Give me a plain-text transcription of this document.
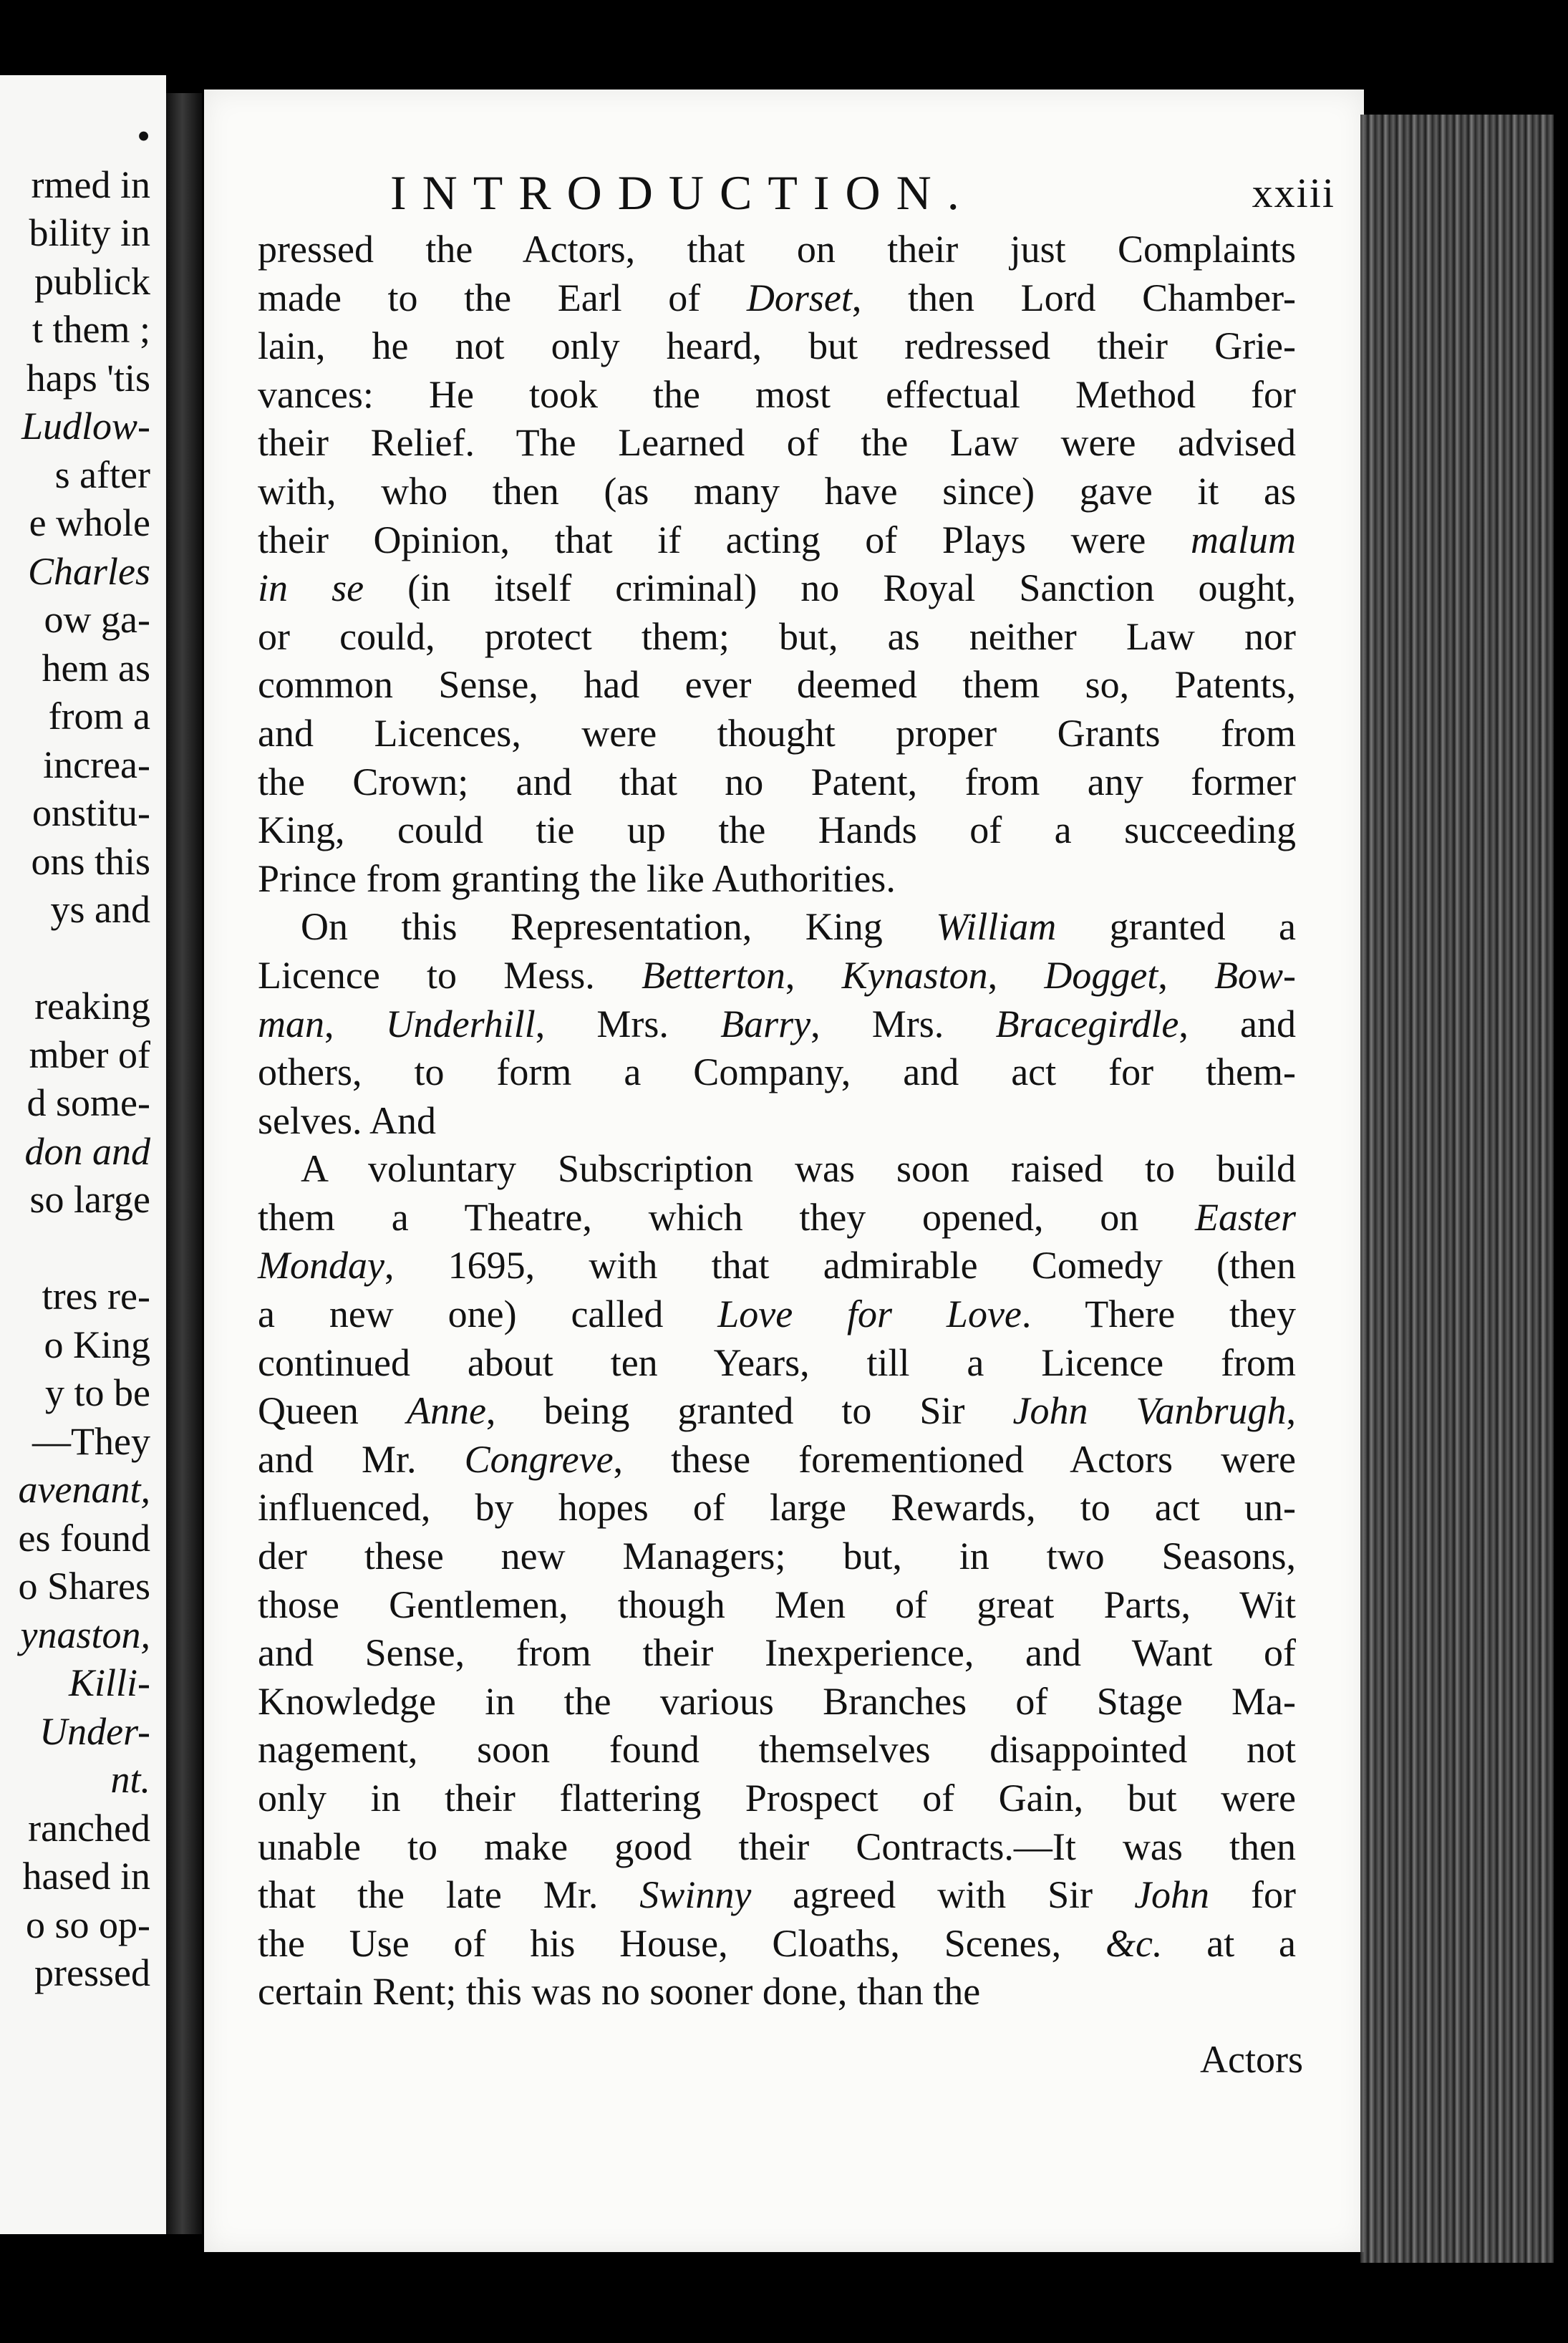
•
rmed in
bility in
publick
t them ;
haps 'tis
Ludlow-
s after
e whole
Charles
ow ga-
hem as
from a
increa-
onstitu-
ons this
ys and
reaking
mber of
d some-
don and
so large
tres re-
o King
y to be
—They
avenant,
es found
o Shares
ynaston,
Killi-
Under-
nt.
ranched
hased in
o so op-
pressed
INTRODUCTION.	xxiii
pressed the Actors, that on their just Complaints
made to the Earl of Dorset, then Lord Chamber-
lain, he not only heard, but redressed their Grie-
vances: He took the most effectual Method for
their Relief. The Learned of the Law were advised
with, who then (as many have since) gave it as
their Opinion, that if acting of Plays were malum
in se (in itself criminal) no Royal Sanction ought,
or could, protect them; but, as neither Law nor
common Sense, had ever deemed them so, Patents,
and Licences, were thought proper Grants from
the Crown; and that no Patent, from any former
King, could tie up the Hands of a succeeding
Prince from granting the like Authorities.
On this Representation, King William granted a
Licence to Mess. Betterton, Kynaston, Dogget, Bow-
man, Underhill, Mrs. Barry, Mrs. Bracegirdle, and
others, to form a Company, and act for them-
selves. And
A voluntary Subscription was soon raised to build
them a Theatre, which they opened, on Easter
Monday, 1695, with that admirable Comedy (then
a new one) called Love for Love. There they
continued about ten Years, till a Licence from
Queen Anne, being granted to Sir John Vanbrugh,
and Mr. Congreve, these forementioned Actors were
influenced, by hopes of large Rewards, to act un-
der these new Managers; but, in two Seasons,
those Gentlemen, though Men of great Parts, Wit
and Sense, from their Inexperience, and Want of
Knowledge in the various Branches of Stage Ma-
nagement, soon found themselves disappointed not
only in their flattering Prospect of Gain, but were
unable to make good their Contracts.—It was then
that the late Mr. Swinny agreed with Sir John for
the Use of his House, Cloaths, Scenes, &c. at a
certain Rent; this was no sooner done, than the
Actors
